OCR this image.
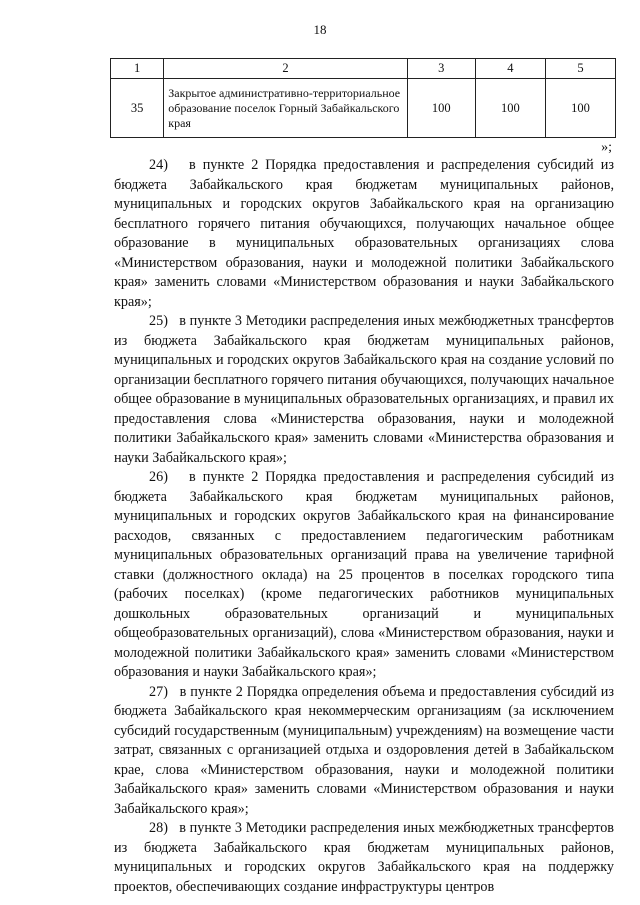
18
1	2	3	4	5
35	Закрытое административно-территориальное образование поселок Горный Забайкальского края	100	100	100
»;

24)   в пункте 2 Порядка предоставления и распределения субсидий из бюджета Забайкальского края бюджетам муниципальных районов, муниципальных и городских округов Забайкальского края на организацию бесплатного горячего питания обучающихся, получающих начальное общее образование в муниципальных образовательных организациях слова «Министерством образования, науки и молодежной политики Забайкальского края» заменить словами «Министерством образования и науки Забайкальского края»;

25)   в пункте 3 Методики распределения иных межбюджетных трансфертов из бюджета Забайкальского края бюджетам муниципальных районов, муниципальных и городских округов Забайкальского края на создание условий по организации бесплатного горячего питания обучающихся, получающих начальное общее образование в муниципальных образовательных организациях, и правил их предоставления слова «Министерства образования, науки и молодежной политики Забайкальского края» заменить словами «Министерства образования и науки Забайкальского края»;

26)   в пункте 2 Порядка предоставления и распределения субсидий из бюджета Забайкальского края бюджетам муниципальных районов, муниципальных и городских округов Забайкальского края на финансирование расходов, связанных с предоставлением педагогическим работникам муниципальных образовательных организаций права на увеличение тарифной ставки (должностного оклада) на 25 процентов в поселках городского типа (рабочих поселках) (кроме педагогических работников муниципальных дошкольных образовательных организаций и муниципальных общеобразовательных организаций), слова «Министерством образования, науки и молодежной политики Забайкальского края» заменить словами «Министерством образования и науки Забайкальского края»;

27)   в пункте 2 Порядка определения объема и предоставления субсидий из бюджета Забайкальского края некоммерческим организациям (за исключением субсидий государственным (муниципальным) учреждениям) на возмещение части затрат, связанных с организацией отдыха и оздоровления детей в Забайкальском крае, слова «Министерством образования, науки и молодежной политики Забайкальского края» заменить словами «Министерством образования и науки Забайкальского края»;

28)   в пункте 3 Методики распределения иных межбюджетных трансфертов из бюджета Забайкальского края бюджетам муниципальных районов, муниципальных и городских округов Забайкальского края на поддержку проектов, обеспечивающих создание инфраструктуры центров
